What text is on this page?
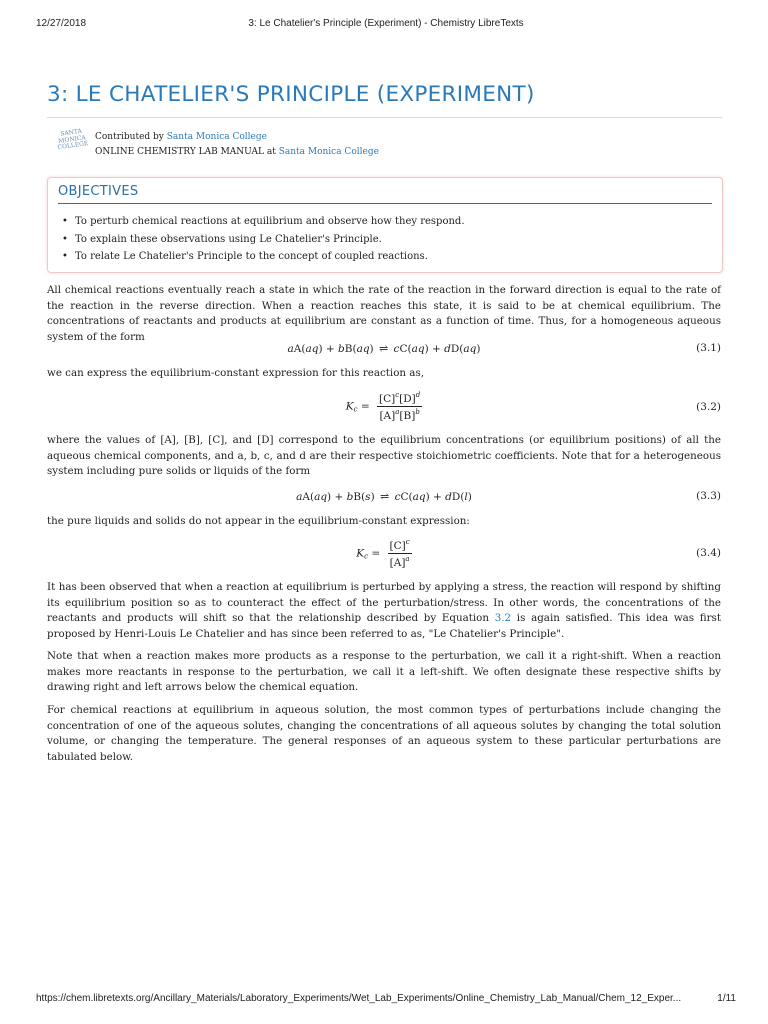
12/27/2018	3: Le Chatelier's Principle (Experiment) - Chemistry LibreTexts
3: LE CHATELIER'S PRINCIPLE (EXPERIMENT)
SANTA MONICA COLLEGE
Contributed by Santa Monica College
ONLINE CHEMISTRY LAB MANUAL at Santa Monica College
OBJECTIVES
• To perturb chemical reactions at equilibrium and observe how they respond.
• To explain these observations using Le Chatelier's Principle.
• To relate Le Chatelier's Principle to the concept of coupled reactions.

All chemical reactions eventually reach a state in which the rate of the reaction in the forward direction is equal to the rate of the reaction in the reverse direction. When a reaction reaches this state, it is said to be at chemical equilibrium. The concentrations of reactants and products at equilibrium are constant as a function of time. Thus, for a homogeneous aqueous system of the form

aA(aq) + bB(aq) ⇌ cC(aq) + dD(aq)	(3.1)

we can express the equilibrium-constant expression for this reaction as,

$K_c = \frac{[C]^c[D]^d}{[A]^a[B]^b}$	(3.2)

where the values of [A], [B], [C], and [D] correspond to the equilibrium concentrations (or equilibrium positions) of all the aqueous chemical components, and a, b, c, and d are their respective stoichiometric coefficients. Note that for a heterogeneous system including pure solids or liquids of the form

aA(aq) + bB(s) ⇌ cC(aq) + dD(l)	(3.3)

the pure liquids and solids do not appear in the equilibrium-constant expression:

$K_c = \frac{[C]^c}{[A]^a}$	(3.4)

It has been observed that when a reaction at equilibrium is perturbed by applying a stress, the reaction will respond by shifting its equilibrium position so as to counteract the effect of the perturbation/stress. In other words, the concentrations of the reactants and products will shift so that the relationship described by Equation 3.2 is again satisfied. This idea was first proposed by Henri-Louis Le Chatelier and has since been referred to as, "Le Chatelier's Principle".

Note that when a reaction makes more products as a response to the perturbation, we call it a right-shift. When a reaction makes more reactants in response to the perturbation, we call it a left-shift. We often designate these respective shifts by drawing right and left arrows below the chemical equation.

For chemical reactions at equilibrium in aqueous solution, the most common types of perturbations include changing the concentration of one of the aqueous solutes, changing the concentrations of all aqueous solutes by changing the total solution volume, or changing the temperature. The general responses of an aqueous system to these particular perturbations are tabulated below.

https://chem.libretexts.org/Ancillary_Materials/Laboratory_Experiments/Wet_Lab_Experiments/Online_Chemistry_Lab_Manual/Chem_12_Exper...	1/11
